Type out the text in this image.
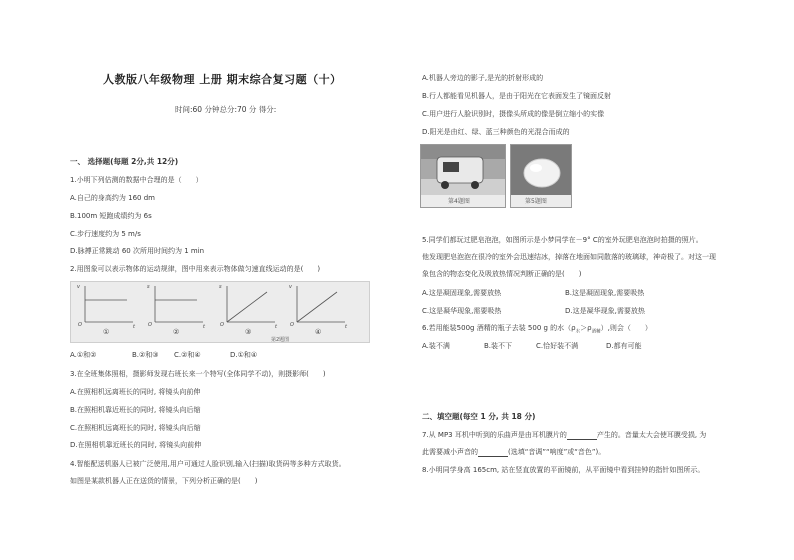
人教版八年级物理 上册 期末综合复习题（十）
时间:60 分钟总分:70 分 得分:
一、 选择题(每题 2分,共 12分)
1.小明下列估测的数据中合理的是（　　）
A.自己的身高约为 160 dm
B.100m 短跑成绩约为 6s
C.步行速度约为 5 m/s
D.脉搏正常跳动 60 次所用时间约为 1 min
2.用图象可以表示物体的运动规律，图中用来表示物体做匀速直线运动的是(　　)
v
O	t
s
O	t
s
O	t
v
O	t
①	②	③	④
第2题图
A.①和②	B.②和③ C.②和④	D.①和④
3.在全班集体照相，摄影师发现右班长来一个特写(全体同学不动)，则摄影师(　　)
A.在照相机远离班长的同时, 将镜头向前伸
B.在照相机靠近班长的同时, 将镜头向后缩
C.在照相机远离班长的同时, 将镜头向后缩
D.在照相机靠近班长的同时, 将镜头向前伸
4.智能配送机器人已被广泛使用,用户可通过人脸识别,输入(扫描)取货码等多种方式取货。
如图是某款机器人正在送货的情景，下列分析正确的是(　　)
A.机器人旁边的影子,是光的折射形成的
B.行人都能看见机器人，是由于阳光在它表面发生了镜面反射
C.用户进行人脸识别时，摄像头所成的像是倒立缩小的实像
D.阳光是由红、绿、蓝三种颜色的光混合而成的
第4题图	第5题图
5.同学们都玩过肥皂泡泡，如图所示是小梦同学在－9° C的室外玩肥皂泡泡时拍摄的照片。
他发现肥皂泡泡在很冷的室外会迅速结冰，掉落在地面如同散落的玻璃球，神奇极了。对这一现
象包含的物态变化及吸放热情况判断正确的是(　　)
A.这是凝固现象,需要放热	B.这是凝固现象,需要吸热
C.这是凝华现象,需要吸热	D.这是凝华现象,需要放热
6.若用能装500g 酒精的瓶子去装 500 g 的水$(\rho_水>\rho_{酒精})$,则会（　　）
A.装不满	B.装不下	C.恰好装不满	D.都有可能
二、填空题(每空 1 分, 共 18 分)
7.从 MP3 耳机中听到的乐曲声是由耳机膜片的	产生的。音量太大会使耳膜受损, 为
此需要减小声音的	(选填“音调”“响度”或“音色”)。
8.小明同学身高 165cm, 站在竖直放置的平面镜前，从平面镜中看到挂钟的指针如图所示。
